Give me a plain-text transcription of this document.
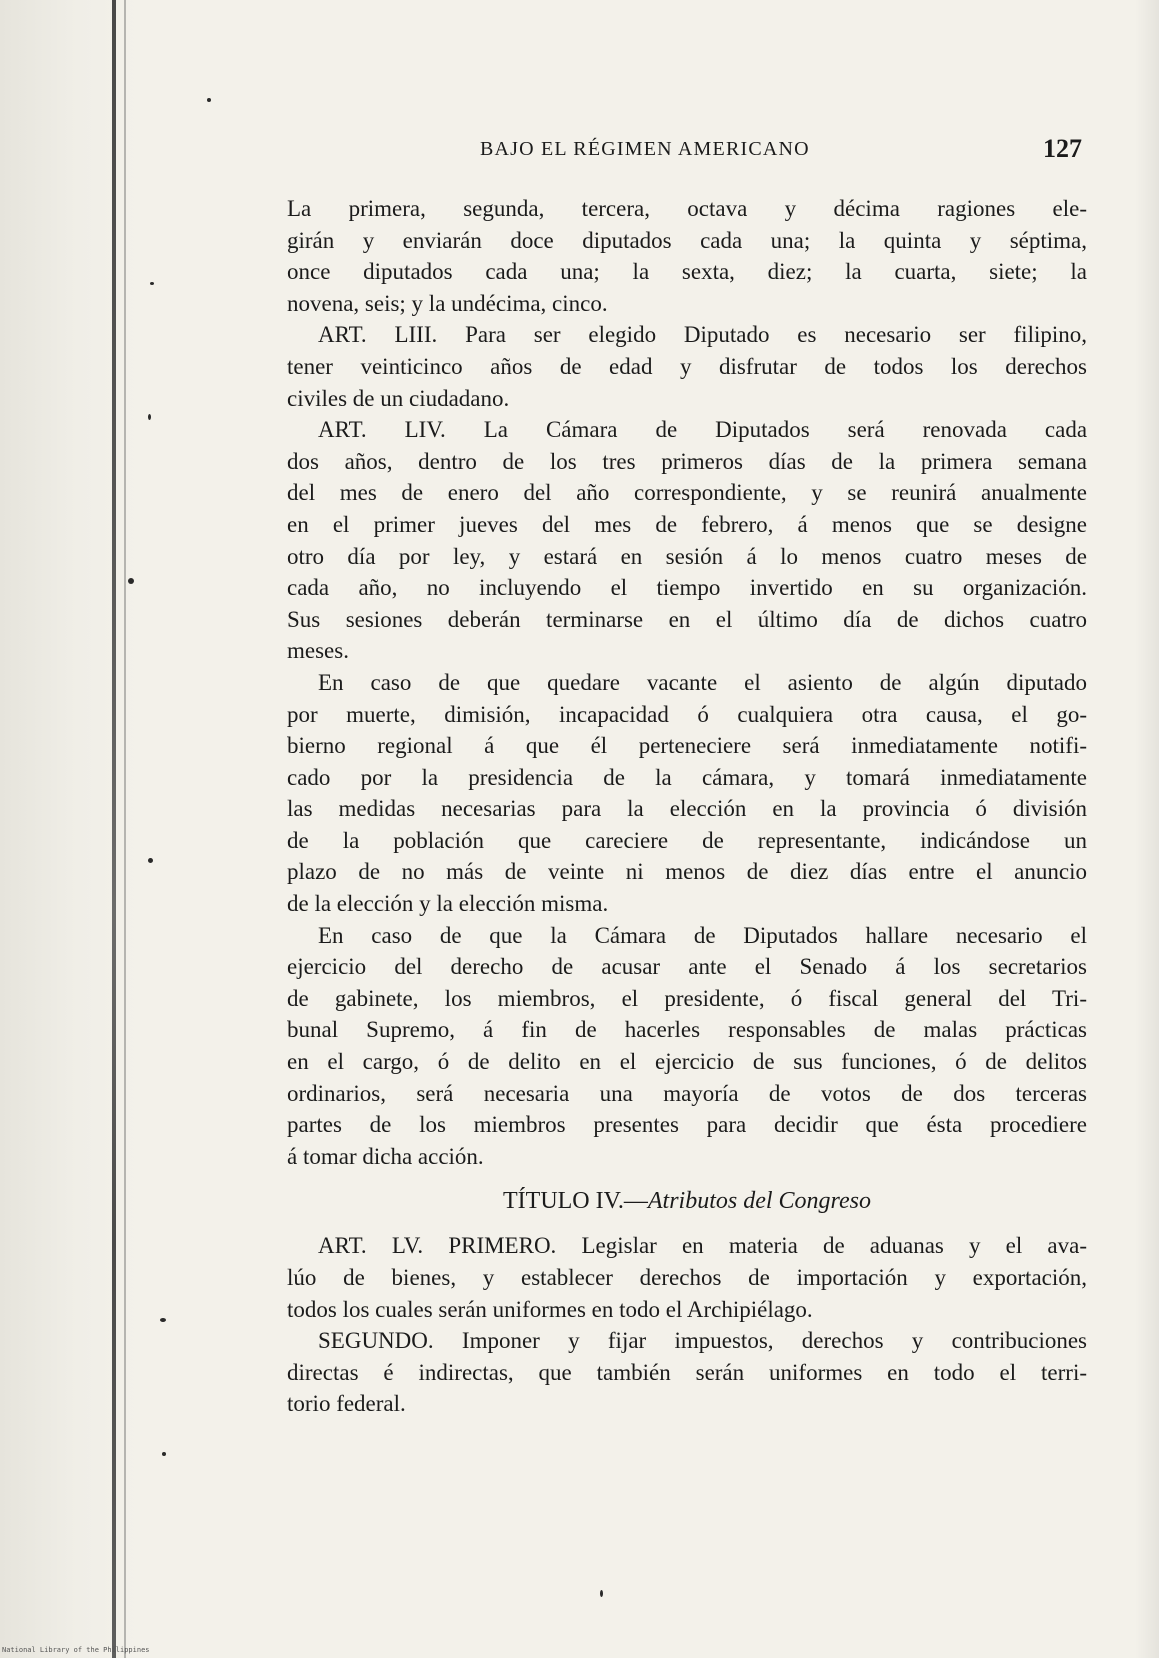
BAJO EL RÉGIMEN AMERICANO	127
La primera, segunda, tercera, octava y décima ragiones ele-
girán y enviarán doce diputados cada una; la quinta y séptima,
once diputados cada una; la sexta, diez; la cuarta, siete; la
novena, seis; y la undécima, cinco.
ART. LIII. Para ser elegido Diputado es necesario ser filipino,
tener veinticinco años de edad y disfrutar de todos los derechos
civiles de un ciudadano.
ART. LIV. La Cámara de Diputados será renovada cada
dos años, dentro de los tres primeros días de la primera semana
del mes de enero del año correspondiente, y se reunirá anualmente
en el primer jueves del mes de febrero, á menos que se designe
otro día por ley, y estará en sesión á lo menos cuatro meses de
cada año, no incluyendo el tiempo invertido en su organización.
Sus sesiones deberán terminarse en el último día de dichos cuatro
meses.
En caso de que quedare vacante el asiento de algún diputado
por muerte, dimisión, incapacidad ó cualquiera otra causa, el go-
bierno regional á que él perteneciere será inmediatamente notifi-
cado por la presidencia de la cámara, y tomará inmediatamente
las medidas necesarias para la elección en la provincia ó división
de la población que careciere de representante, indicándose un
plazo de no más de veinte ni menos de diez días entre el anuncio
de la elección y la elección misma.
En caso de que la Cámara de Diputados hallare necesario el
ejercicio del derecho de acusar ante el Senado á los secretarios
de gabinete, los miembros, el presidente, ó fiscal general del Tri-
bunal Supremo, á fin de hacerles responsables de malas prácticas
en el cargo, ó de delito en el ejercicio de sus funciones, ó de delitos
ordinarios, será necesaria una mayoría de votos de dos terceras
partes de los miembros presentes para decidir que ésta procediere
á tomar dicha acción.
TÍTULO IV.—Atributos del Congreso
ART. LV. PRIMERO. Legislar en materia de aduanas y el ava-
lúo de bienes, y establecer derechos de importación y exportación,
todos los cuales serán uniformes en todo el Archipiélago.
SEGUNDO. Imponer y fijar impuestos, derechos y contribuciones
directas é indirectas, que también serán uniformes en todo el terri-
torio federal.
National Library of the Philippines
